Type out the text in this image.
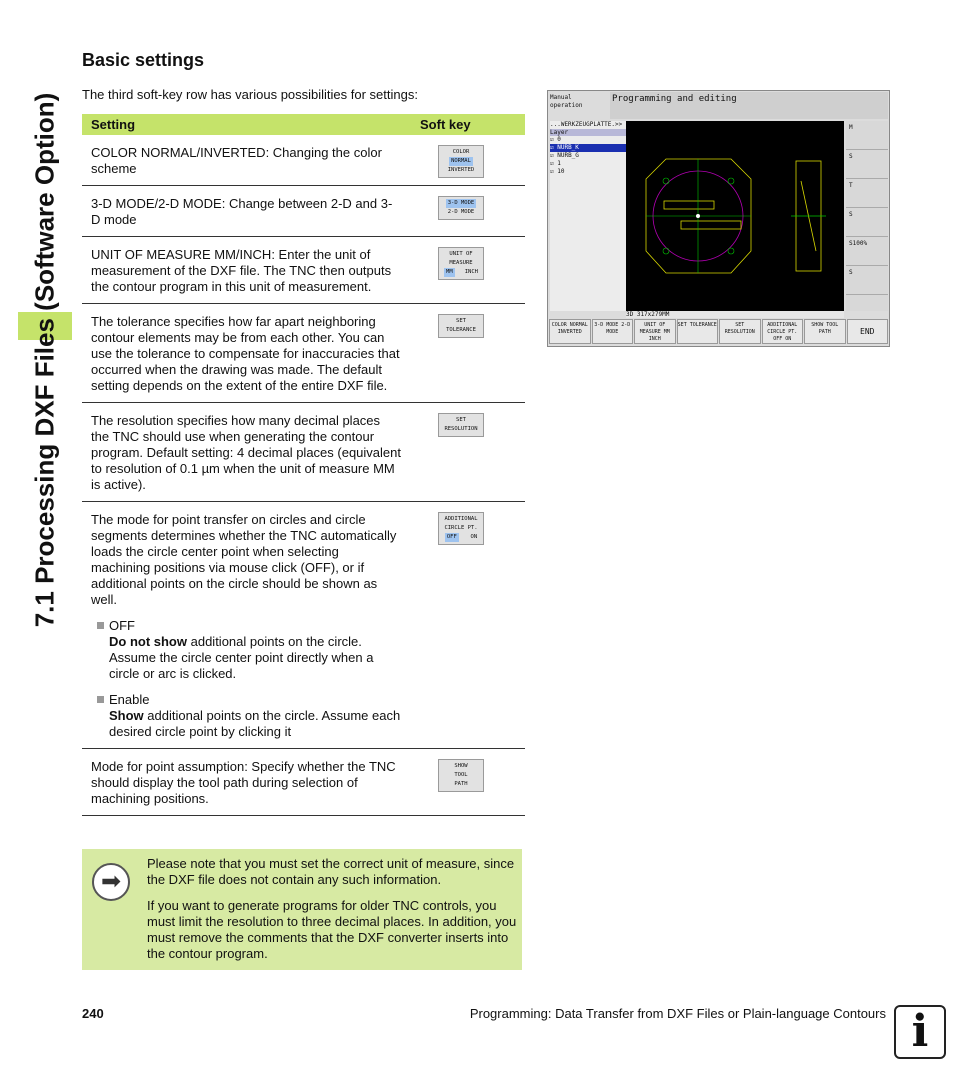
7.1 Processing DXF Files (Software Option)
Basic settings
The third soft-key row has various possibilities for settings:
Setting	Soft key
COLOR NORMAL/INVERTED: Changing the color scheme
COLOR
NORMAL
INVERTED
3-D MODE/2-D MODE: Change between 2-D and 3-D mode
3-D MODE
2-D MODE
UNIT OF MEASURE MM/INCH: Enter the unit of measurement of the DXF file. The TNC then outputs the contour program in this unit of measurement.
UNIT OF
MEASURE
MM	INCH
The tolerance specifies how far apart neighboring contour elements may be from each other. You can use the tolerance to compensate for inaccuracies that occurred when the drawing was made. The default setting depends on the extent of the entire DXF file.
SET
TOLERANCE
The resolution specifies how many decimal places the TNC should use when generating the contour program. Default setting: 4 decimal places (equivalent to resolution of 0.1 µm when the unit of measure MM is active).
SET
RESOLUTION
The mode for point transfer on circles and circle segments determines whether the TNC automatically loads the circle center point when selecting machining positions via mouse click (OFF), or if additional points on the circle should be shown as well.
OFF
Do not show additional points on the circle. Assume the circle center point directly when a circle or arc is clicked.
Enable
Show additional points on the circle. Assume each desired circle point by clicking it
ADDITIONAL
CIRCLE PT.
OFF	ON
Mode for point assumption: Specify whether the TNC should display the tool path during selection of machining positions.
SHOW
TOOL
PATH
Manual operation
Programming and editing
...WERKZEUGPLATTE.>>
Layer
☑ 0
☑ NURB_K
☑ NURB_G
☑ 1
☑ 10
3D 317x279MM
M
S
T
S
S100%
S
COLOR NORMAL INVERTED
3-D MODE 2-D MODE
UNIT OF MEASURE MM INCH
SET TOLERANCE	SET RESOLUTION
ADDITIONAL CIRCLE PT. OFF ON
SHOW TOOL PATH	END
➡

Please note that you must set the correct unit of measure, since the DXF file does not contain any such information.

If you want to generate programs for older TNC controls, you must limit the resolution to three decimal places. In addition, you must remove the comments that the DXF converter inserts into the contour program.

240	Programming: Data Transfer from DXF Files or Plain-language Contours i
